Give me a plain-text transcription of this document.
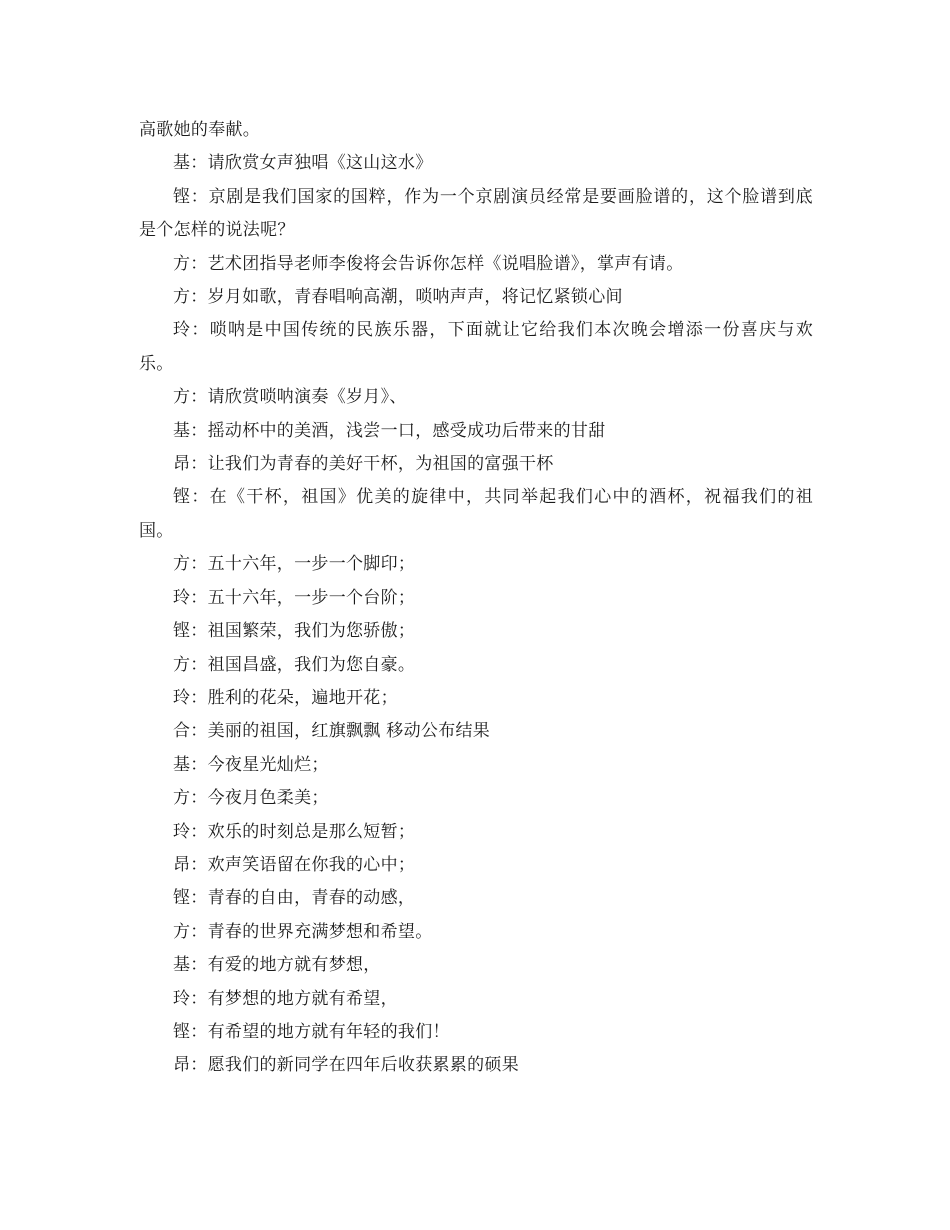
高歌她的奉献。

基：请欣赏女声独唱《这山这水》

铿：京剧是我们国家的国粹，作为一个京剧演员经常是要画脸谱的，这个脸谱到底是个怎样的说法呢？

方：艺术团指导老师李俊将会告诉你怎样《说唱脸谱》，掌声有请。

方：岁月如歌，青春唱响高潮，唢呐声声，将记忆紧锁心间

玲：唢呐是中国传统的民族乐器，下面就让它给我们本次晚会增添一份喜庆与欢乐。

方：请欣赏唢呐演奏《岁月》、

基：摇动杯中的美酒，浅尝一口，感受成功后带来的甘甜

昂：让我们为青春的美好干杯，为祖国的富强干杯

铿：在《干杯，祖国》优美的旋律中，共同举起我们心中的酒杯，祝福我们的祖国。

方：五十六年，一步一个脚印；

玲：五十六年，一步一个台阶；

铿：祖国繁荣，我们为您骄傲；

方：祖国昌盛，我们为您自豪。

玲：胜利的花朵，遍地开花；

合：美丽的祖国，红旗飘飘 移动公布结果

基：今夜星光灿烂；

方：今夜月色柔美；

玲：欢乐的时刻总是那么短暂；

昂：欢声笑语留在你我的心中；

铿：青春的自由，青春的动感，

方：青春的世界充满梦想和希望。

基：有爱的地方就有梦想，

玲：有梦想的地方就有希望，

铿：有希望的地方就有年轻的我们！

昂：愿我们的新同学在四年后收获累累的硕果
